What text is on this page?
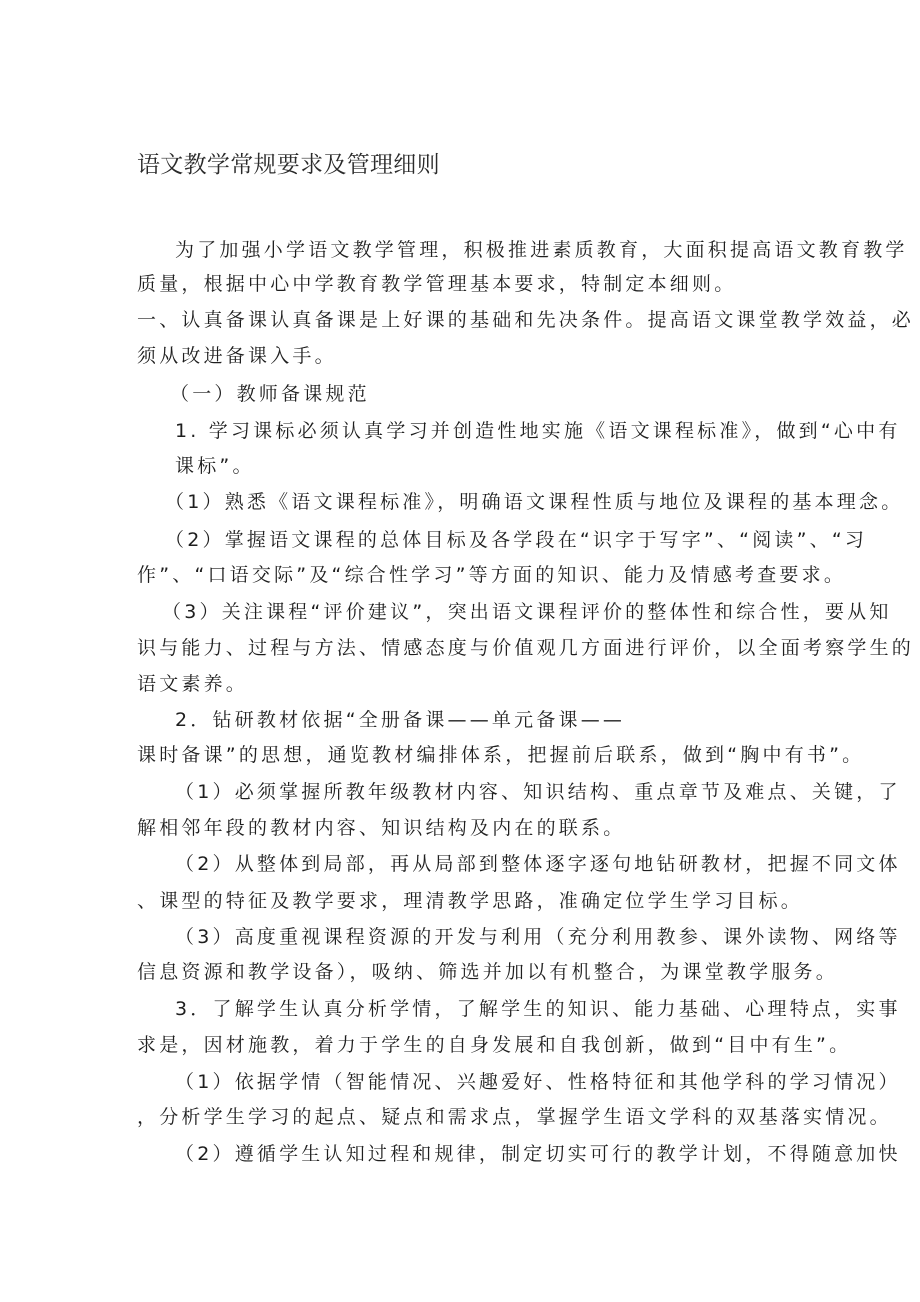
语文教学常规要求及管理细则
为了加强小学语文教学管理，积极推进素质教育，大面积提高语文教育教学
质量，根据中心中学教育教学管理基本要求，特制定本细则。
一、认真备课认真备课是上好课的基础和先决条件。提高语文课堂教学效益，必
须从改进备课入手。
（一）教师备课规范
1. 学习课标必须认真学习并创造性地实施《语文课程标准》，做到“心中有
课标”。
（1）熟悉《语文课程标准》，明确语文课程性质与地位及课程的基本理念。
（2）掌握语文课程的总体目标及各学段在“识字于写字”、“阅读”、“习
作”、“口语交际”及“综合性学习”等方面的知识、能力及情感考查要求。
（3）关注课程“评价建议”，突出语文课程评价的整体性和综合性，要从知
识与能力、过程与方法、情感态度与价值观几方面进行评价，以全面考察学生的
语文素养。
2．钻研教材依据“全册备课——单元备课——
课时备课”的思想，通览教材编排体系，把握前后联系，做到“胸中有书”。
（1）必须掌握所教年级教材内容、知识结构、重点章节及难点、关键，了
解相邻年段的教材内容、知识结构及内在的联系。
（2）从整体到局部，再从局部到整体逐字逐句地钻研教材，把握不同文体
、课型的特征及教学要求，理清教学思路，准确定位学生学习目标。
（3）高度重视课程资源的开发与利用（充分利用教参、课外读物、网络等
信息资源和教学设备），吸纳、筛选并加以有机整合，为课堂教学服务。
3．了解学生认真分析学情，了解学生的知识、能力基础、心理特点，实事
求是，因材施教，着力于学生的自身发展和自我创新，做到“目中有生”。
（1）依据学情（智能情况、兴趣爱好、性格特征和其他学科的学习情况）
，分析学生学习的起点、疑点和需求点，掌握学生语文学科的双基落实情况。
（2）遵循学生认知过程和规律，制定切实可行的教学计划，不得随意加快
